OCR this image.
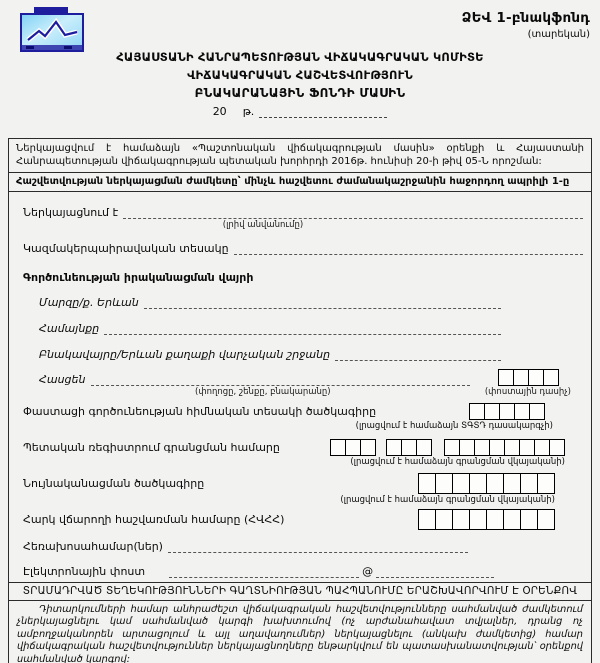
ՁԵՎ 1-բնակֆոնդ
(տարեկան)
ՀԱՅԱՍՏԱՆԻ ՀԱՆՐԱՊԵՏՈՒԹՅԱՆ ՎԻՃԱԿԱԳՐԱԿԱՆ ԿՈՄԻՏԵ
ՎԻՃԱԿԱԳՐԱԿԱՆ ՀԱՇՎԵՏՎՈՒԹՅՈՒՆ
ԲՆԱԿԱՐԱՆԱՅԻՆ ՖՈՆԴԻ ՄԱՍԻՆ
20 թ.
Ներկայացվում է համաձայն «Պաշտոնական վիճակագրության մասին» օրենքի և Հայաստանի Հանրապետության վիճակագրության պետական խորհրդի 2016թ. հունիսի 20-ի թիվ 05-Ն որոշման:
Հաշվետվության ներկայացման ժամկետը՝ մինչև հաշվետու ժամանակաշրջանին հաջորդող ապրիլի 1-ը
Ներկայացնում է
(լրիվ անվանումը)
Կազմակերպաիրավական տեսակը
Գործունեության իրականացման վայրի
Մարզը/ք. Երևան
Համայնքը
Բնակավայրը/Երևան քաղաքի վարչական շրջանը
Հասցեն
(փողոցը, շենքը, բնակարանը)	(փոստային դասիչ)
Փաստացի գործունեության հիմնական տեսակի ծածկագիրը
(լրացվում է համաձայն ՏԳՏԴ դասակարգչի)
Պետական ռեգիստրում գրանցման համարը
(լրացվում է համաձայն գրանցման վկայականի)
Նույնականացման ծածկագիրը
(լրացվում է համաձայն գրանցման վկայականի)
Հարկ վճարողի հաշվառման համարը (ՀՎՀՀ)
Հեռախոսահամար(ներ)
Էլեկտրոնային փոստ	@
ՏՐԱՄԱԴՐՎԱԾ ՏԵՂԵԿՈՒԹՅՈՒՆՆԵՐԻ ԳԱՂՏՆԻՈՒԹՅԱՆ ՊԱՀՊԱՆՈՒՄԸ ԵՐԱՇԽԱՎՈՐՎՈՒՄ Է ՕՐԵՆՔՈՎ
Դիտարկումների համար անհրաժեշտ վիճակագրական հաշվետվությունները սահմանված ժամկետում չներկայացնելու կամ սահմանված կարգի խախտումով (ոչ արժանահավատ տվյալներ, դրանց ոչ ամբողջականորեն արտացոլում և այլ աղավաղումներ) ներկայացնելու (անկախ ժամկետից) համար վիճակագրական հաշվետվություններ ներկայացնողները ենթարկվում են պատասխանատվության՝ օրենքով սահմանված կարգով:
